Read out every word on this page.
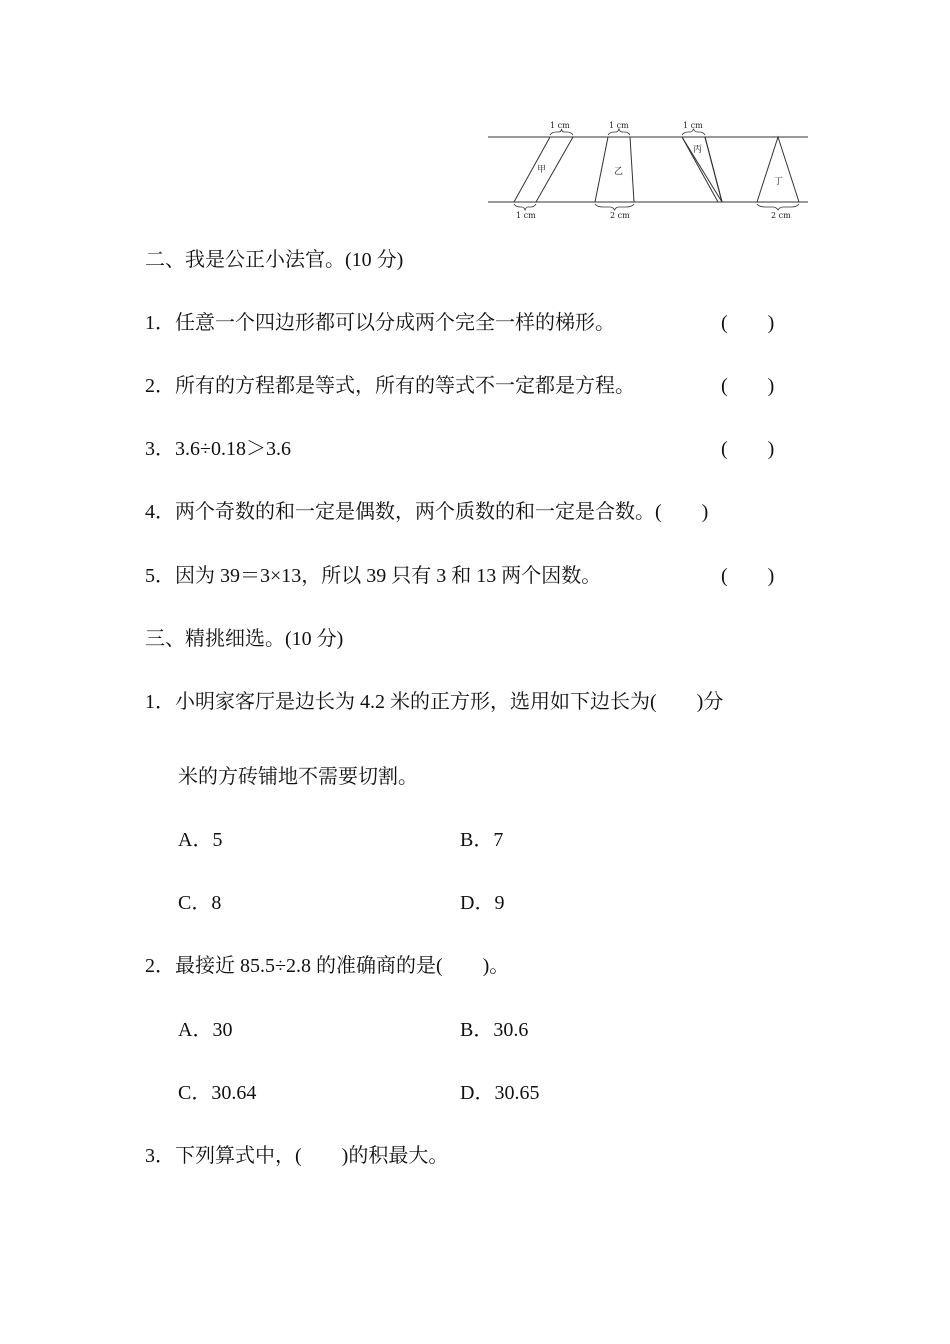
甲
1 cm
1 cm
乙
1 cm
2 cm
丙
1 cm
丁
2 cm
二、我是公正小法官。(10 分)
1．任意一个四边形都可以分成两个完全一样的梯形。	(　　)
2．所有的方程都是等式，所有的等式不一定都是方程。	(　　)
3．3.6÷0.18＞3.6	(　　)
4．两个奇数的和一定是偶数，两个质数的和一定是合数。(　　)
5．因为 39＝3×13，所以 39 只有 3 和 13 两个因数。	(　　)
三、精挑细选。(10 分)
1．小明家客厅是边长为 4.2 米的正方形，选用如下边长为(　　)分
米的方砖铺地不需要切割。
A．5	B．7
C．8	D．9
2．最接近 85.5÷2.8 的准确商的是(　　)。
A．30	B．30.6
C．30.64	D．30.65
3．下列算式中，(　　)的积最大。
